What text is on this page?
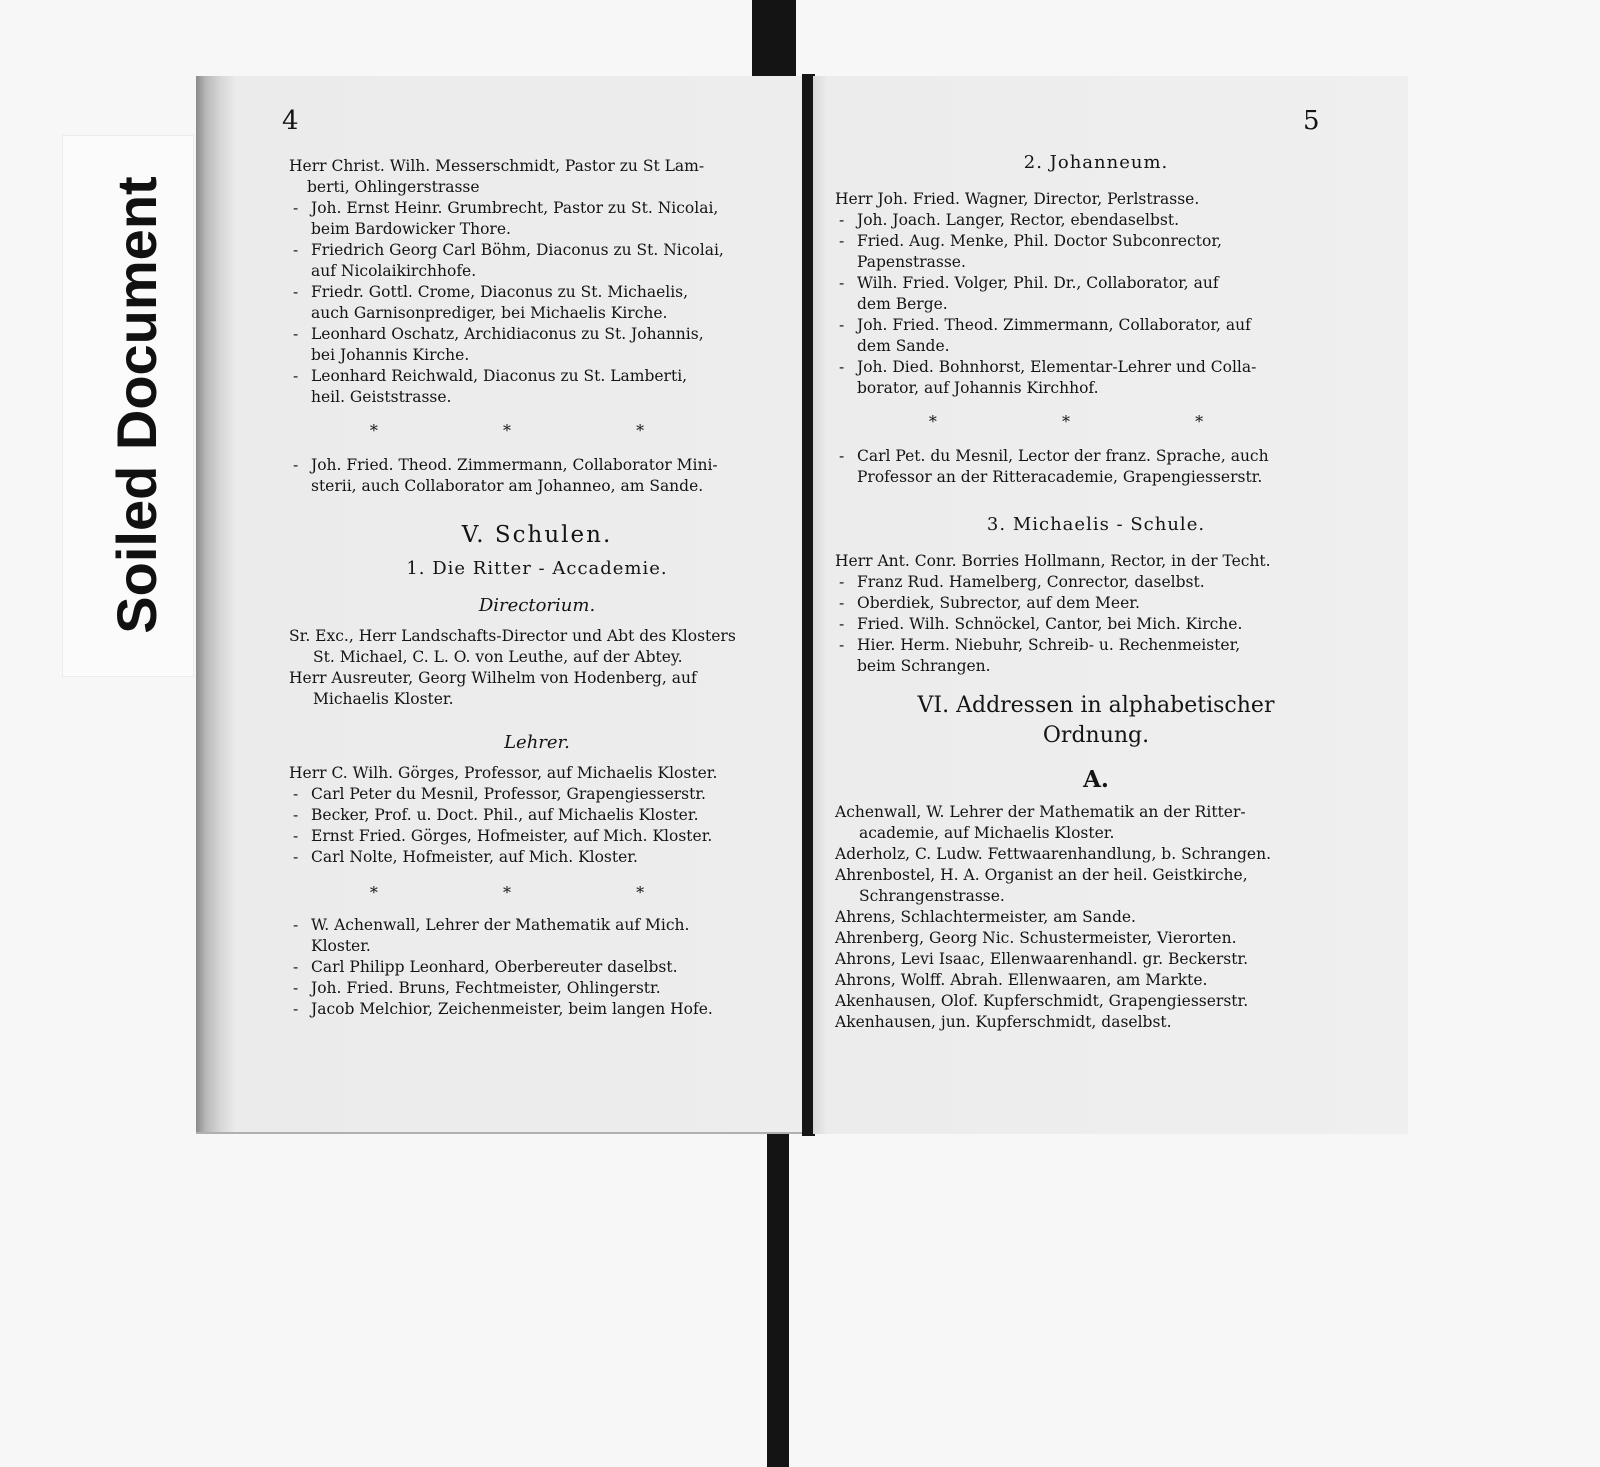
Soiled Document
4
Herr Christ. Wilh. Messerschmidt, Pastor zu St Lam-
berti, Ohlingerstrasse
- Joh. Ernst Heinr. Grumbrecht, Pastor zu St. Nicolai,
beim Bardowicker Thore.
- Friedrich Georg Carl Böhm, Diaconus zu St. Nicolai,
auf Nicolaikirchhofe.
- Friedr. Gottl. Crome, Diaconus zu St. Michaelis,
auch Garnisonprediger, bei Michaelis Kirche.
- Leonhard Oschatz, Archidiaconus zu St. Johannis,
bei Johannis Kirche.
- Leonhard Reichwald, Diaconus zu St. Lamberti,
heil. Geiststrasse.
* * *
- Joh. Fried. Theod. Zimmermann, Collaborator Mini-
sterii, auch Collaborator am Johanneo, am Sande.
V. Schulen.
1. Die Ritter - Accademie.
Directorium.
Sr. Exc., Herr Landschafts-Director und Abt des Klosters
St. Michael, C. L. O. von Leuthe, auf der Abtey.
Herr Ausreuter, Georg Wilhelm von Hodenberg, auf
Michaelis Kloster.
Lehrer.
Herr C. Wilh. Görges, Professor, auf Michaelis Kloster.
- Carl Peter du Mesnil, Professor, Grapengiesserstr.
- Becker, Prof. u. Doct. Phil., auf Michaelis Kloster.
- Ernst Fried. Görges, Hofmeister, auf Mich. Kloster.
- Carl Nolte, Hofmeister, auf Mich. Kloster.
* * *
- W. Achenwall, Lehrer der Mathematik auf Mich.
Kloster.
- Carl Philipp Leonhard, Oberbereuter daselbst.
- Joh. Fried. Bruns, Fechtmeister, Ohlingerstr.
- Jacob Melchior, Zeichenmeister, beim langen Hofe.
5
2. Johanneum.
Herr Joh. Fried. Wagner, Director, Perlstrasse.
- Joh. Joach. Langer, Rector, ebendaselbst.
- Fried. Aug. Menke, Phil. Doctor Subconrector,
Papenstrasse.
- Wilh. Fried. Volger, Phil. Dr., Collaborator, auf
dem Berge.
- Joh. Fried. Theod. Zimmermann, Collaborator, auf
dem Sande.
- Joh. Died. Bohnhorst, Elementar-Lehrer und Colla-
borator, auf Johannis Kirchhof.
* * *
- Carl Pet. du Mesnil, Lector der franz. Sprache, auch
Professor an der Ritteracademie, Grapengiesserstr.
3. Michaelis - Schule.
Herr Ant. Conr. Borries Hollmann, Rector, in der Techt.
- Franz Rud. Hamelberg, Conrector, daselbst.
- Oberdiek, Subrector, auf dem Meer.
- Fried. Wilh. Schnöckel, Cantor, bei Mich. Kirche.
- Hier. Herm. Niebuhr, Schreib- u. Rechenmeister,
beim Schrangen.
VI. Addressen in alphabetischer
Ordnung.
A.
Achenwall, W. Lehrer der Mathematik an der Ritter-
academie, auf Michaelis Kloster.
Aderholz, C. Ludw. Fettwaarenhandlung, b. Schrangen.
Ahrenbostel, H. A. Organist an der heil. Geistkirche,
Schrangenstrasse.
Ahrens, Schlachtermeister, am Sande.
Ahrenberg, Georg Nic. Schustermeister, Vierorten.
Ahrons, Levi Isaac, Ellenwaarenhandl. gr. Beckerstr.
Ahrons, Wolff. Abrah. Ellenwaaren, am Markte.
Akenhausen, Olof. Kupferschmidt, Grapengiesserstr.
Akenhausen, jun. Kupferschmidt, daselbst.
